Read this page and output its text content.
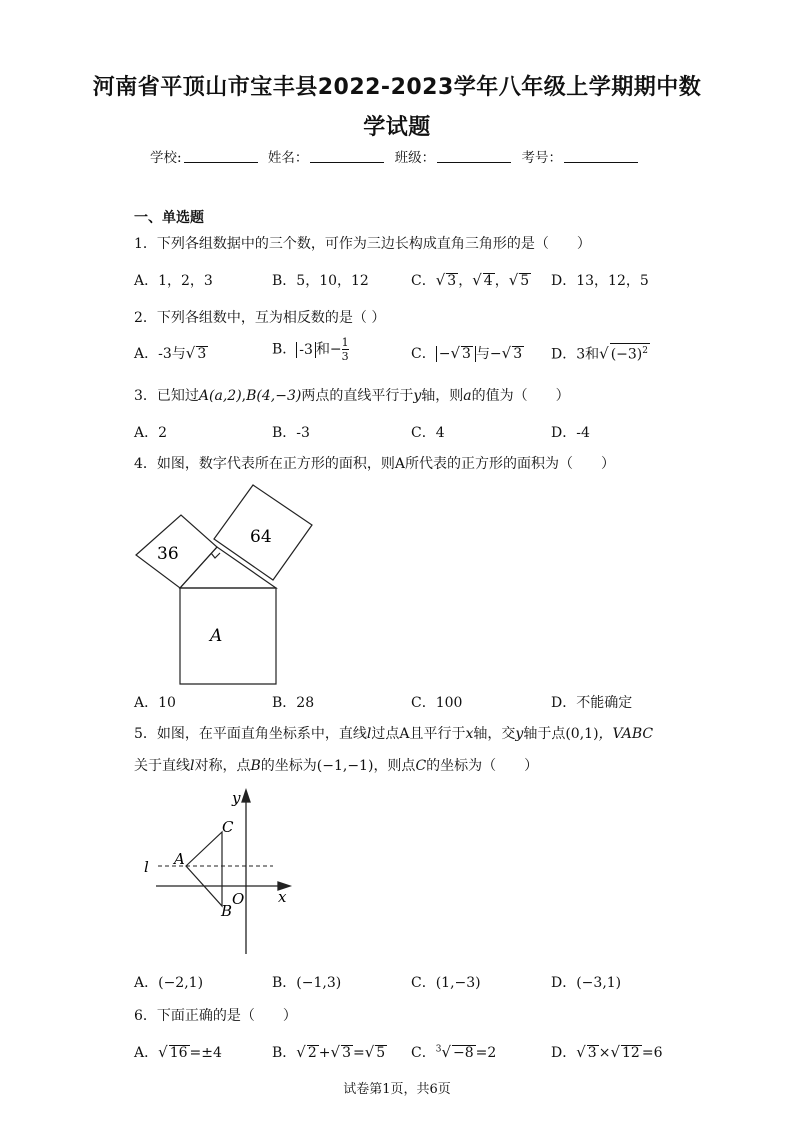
河南省平顶山市宝丰县2022-2023学年八年级上学期期中数
学试题
学校:	姓名：	班级：	考号：
一、单选题
1．下列各组数据中的三个数，可作为三边长构成直角三角形的是（　　）
A．1，2，3	B．5，10，12	C．√ 3 ，√ 4 ，√ 5 D．13，12，5
2．下列各组数中，互为相反数的是（ ）
A．-3与√ 3	B． -3 和− $\frac{1}{3}$	C． −√ 3 与−√ 3 D．3和√ $(-3)^2$
3．已知过A(a,2),B(4,−3)两点的直线平行于y轴，则a的值为（　　）
A．2	B．-3	C．4	D．-4
4．如图，数字代表所在正方形的面积，则A所代表的正方形的面积为（　　）
36
64
A
A．10	B．28	C．100	D．不能确定
5．如图，在平面直角坐标系中，直线l过点A且平行于x轴，交y轴于点(0,1)，VABC
关于直线l对称，点B的坐标为(−1,−1)，则点C的坐标为（　　）
y
x
O
A
B
C
l
A．(−2,1)	B．(−1,3)	C．(1,−3)	D．(−3,1)
6．下面正确的是（　　）
A．√ 16 =±4	B．√ 2 +√ 3 =√ 5 C．$^3$√ −8 =2	D．√ 3 ×√ 12 =6
试卷第1页，共6页
